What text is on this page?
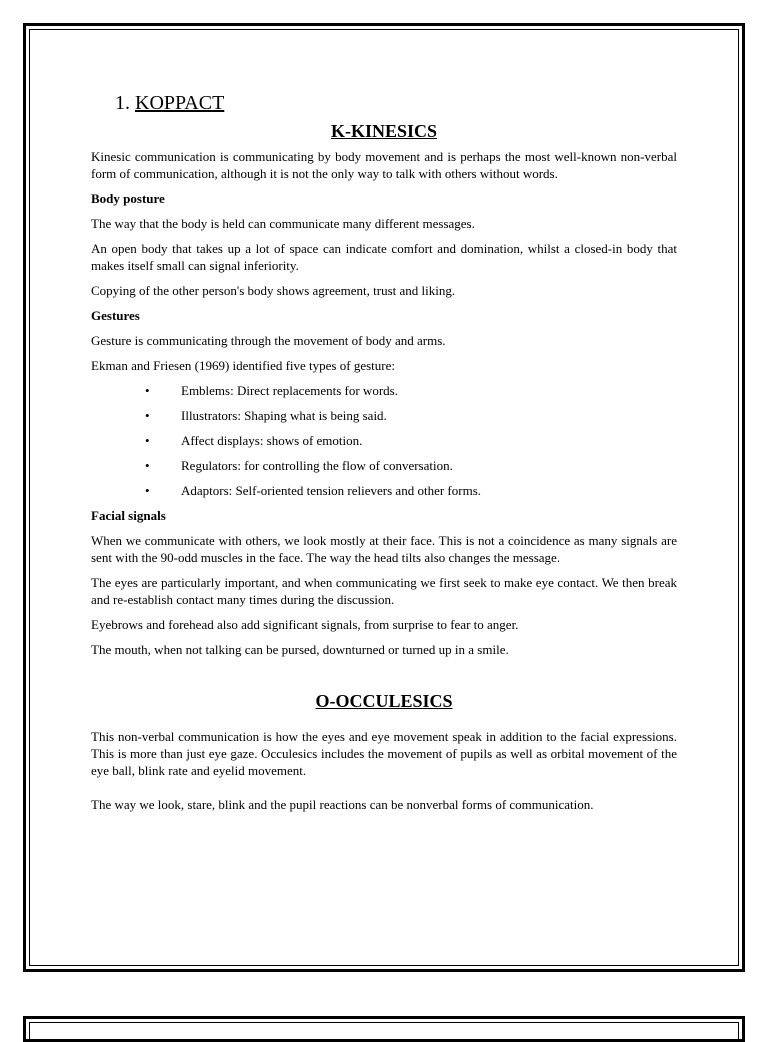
1. KOPPACT
K-KINESICS

Kinesic communication is communicating by body movement and is perhaps the most well-known non-verbal form of communication, although it is not the only way to talk with others without words.

Body posture

The way that the body is held can communicate many different messages.

An open body that takes up a lot of space can indicate comfort and domination, whilst a closed-in body that makes itself small can signal inferiority.

Copying of the other person's body shows agreement, trust and liking.

Gestures

Gesture is communicating through the movement of body and arms.

Ekman and Friesen (1969) identified five types of gesture:

• Emblems: Direct replacements for words.
• Illustrators: Shaping what is being said.
• Affect displays: shows of emotion.
• Regulators: for controlling the flow of conversation.
• Adaptors: Self-oriented tension relievers and other forms.
Facial signals

When we communicate with others, we look mostly at their face. This is not a coincidence as many signals are sent with the 90-odd muscles in the face. The way the head tilts also changes the message.

The eyes are particularly important, and when communicating we first seek to make eye contact. We then break and re-establish contact many times during the discussion.

Eyebrows and forehead also add significant signals, from surprise to fear to anger.

The mouth, when not talking can be pursed, downturned or turned up in a smile.

O-OCCULESICS

This non-verbal communication is how the eyes and eye movement speak in addition to the facial expressions. This is more than just eye gaze. Occulesics includes the movement of pupils as well as orbital movement of the eye ball, blink rate and eyelid movement.

The way we look, stare, blink and the pupil reactions can be nonverbal forms of communication.
